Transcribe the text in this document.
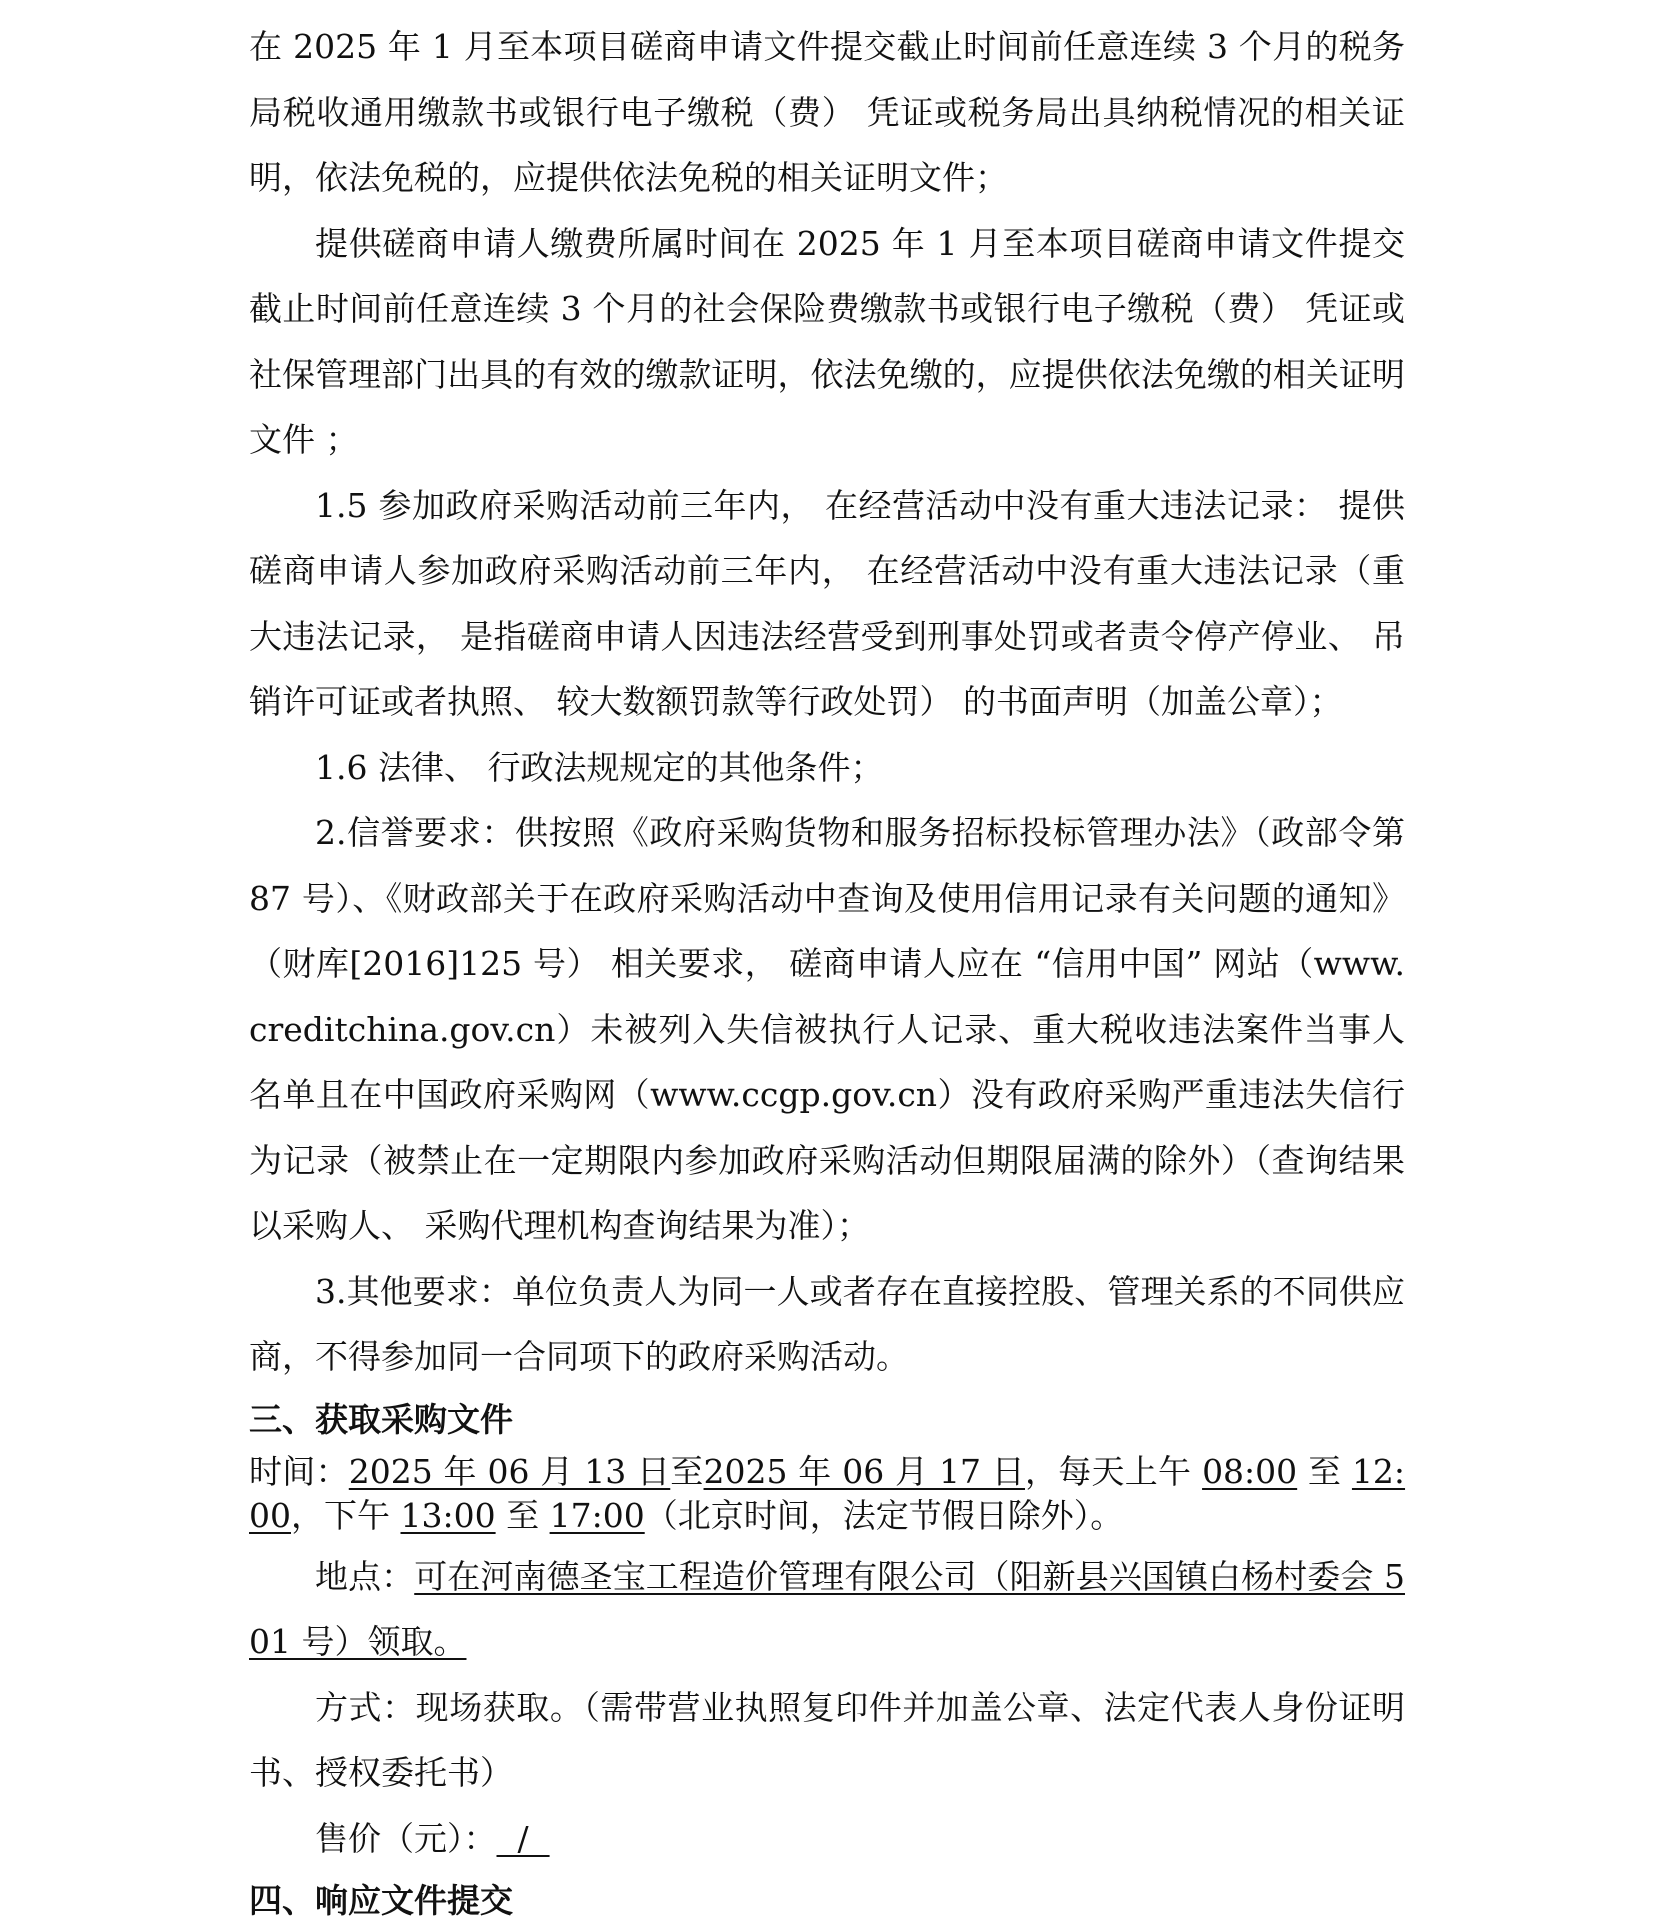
在 2025 年 1 月至本项目磋商申请文件提交截止时间前任意连续 3 个月的税务局税收通用缴款书或银行电子缴税（费） 凭证或税务局出具纳税情况的相关证明，依法免税的，应提供依法免税的相关证明文件；

提供磋商申请人缴费所属时间在 2025 年 1 月至本项目磋商申请文件提交截止时间前任意连续 3 个月的社会保险费缴款书或银行电子缴税（费） 凭证或社保管理部门出具的有效的缴款证明，依法免缴的，应提供依法免缴的相关证明文件 ；

1.5 参加政府采购活动前三年内， 在经营活动中没有重大违法记录： 提供磋商申请人参加政府采购活动前三年内， 在经营活动中没有重大违法记录（重大违法记录， 是指磋商申请人因违法经营受到刑事处罚或者责令停产停业、 吊销许可证或者执照、 较大数额罚款等行政处罚） 的书面声明（加盖公章）；

1.6 法律、 行政法规规定的其他条件；

2.信誉要求：供按照《政府采购货物和服务招标投标管理办法》（政部令第 87 号）、《财政部关于在政府采购活动中查询及使用信用记录有关问题的通知》（财库[2016]125 号） 相关要求， 磋商申请人应在 “信用中国” 网站（www.creditchina.gov.cn）未被列入失信被执行人记录、重大税收违法案件当事人名单且在中国政府采购网（www.ccgp.gov.cn）没有政府采购严重违法失信行为记录（被禁止在一定期限内参加政府采购活动但期限届满的除外）（查询结果以采购人、 采购代理机构查询结果为准）；

3.其他要求：单位负责人为同一人或者存在直接控股、管理关系的不同供应商，不得参加同一合同项下的政府采购活动。

三、获取采购文件

时间：2025 年 06 月 13 日至2025 年 06 月 17 日，每天上午 08:00 至 12:00，下午 13:00 至 17:00（北京时间，法定节假日除外）。

地点：可在河南德圣宝工程造价管理有限公司（阳新县兴国镇白杨村委会 501 号）领取。

方式：现场获取。（需带营业执照复印件并加盖公章、法定代表人身份证明书、授权委托书）

售价（元）：  /

四、响应文件提交
